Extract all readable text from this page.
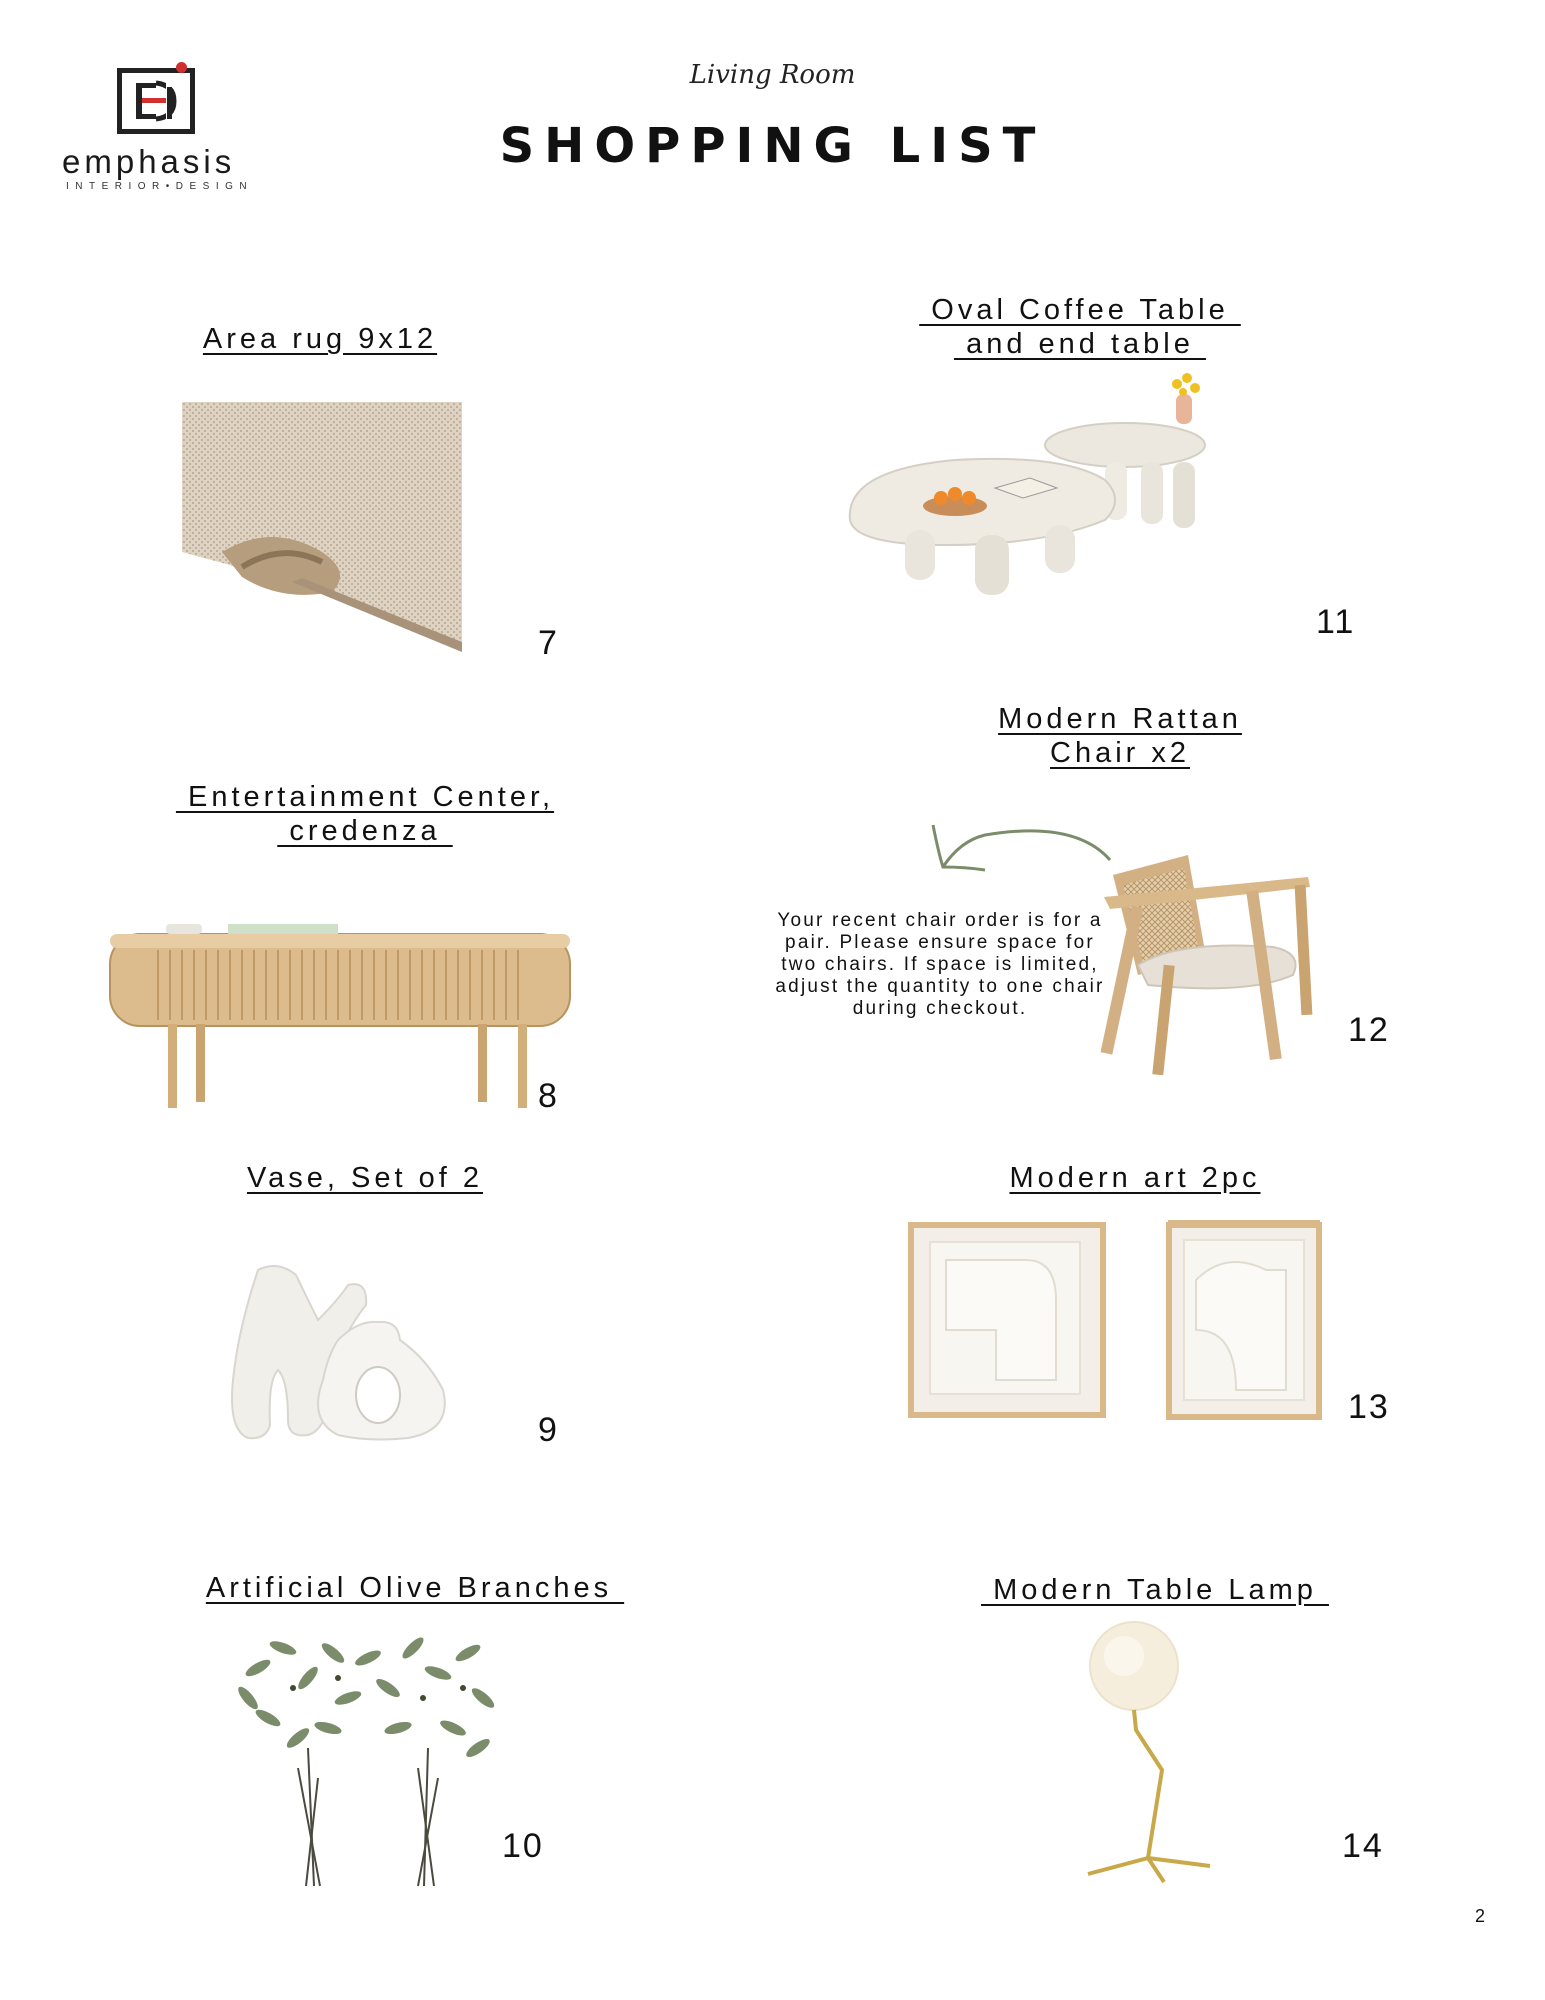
emphasis
INTERIOR•DESIGN
Living Room
SHOPPING LIST
Area rug 9x12
7
Entertainment Center,
credenza
8
Vase, Set of 2
9
Artificial Olive Branches
10
Oval Coffee Table
and end table
11
Modern Rattan
Chair x2
Your recent chair order is for a pair. Please ensure space for two chairs. If space is limited, adjust the quantity to one chair during checkout.
12
Modern art 2pc
13
Modern Table Lamp
14
2
